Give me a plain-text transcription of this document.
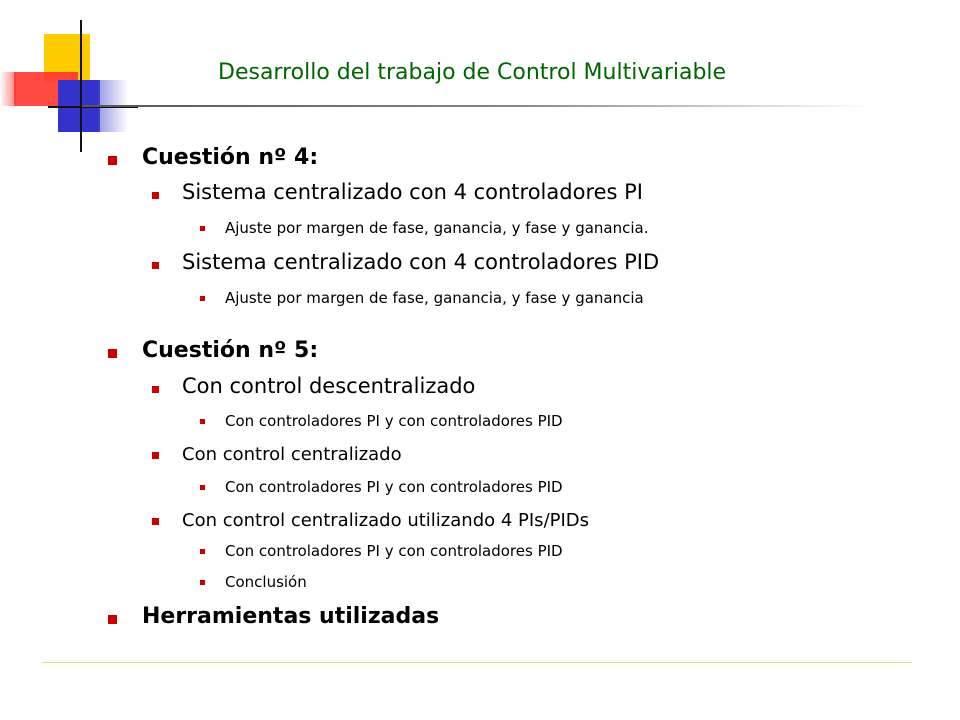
Desarrollo del trabajo de Control Multivariable
Cuestión nº 4:
Sistema centralizado con 4 controladores PI
Ajuste por margen de fase, ganancia, y fase y ganancia.
Sistema centralizado con 4 controladores PID
Ajuste por margen de fase, ganancia, y fase y ganancia
Cuestión nº 5:
Con control descentralizado
Con controladores PI y con controladores PID
Con control centralizado
Con controladores PI y con controladores PID
Con control centralizado utilizando 4 PIs/PIDs
Con controladores PI y con controladores PID
Conclusión
Herramientas utilizadas
